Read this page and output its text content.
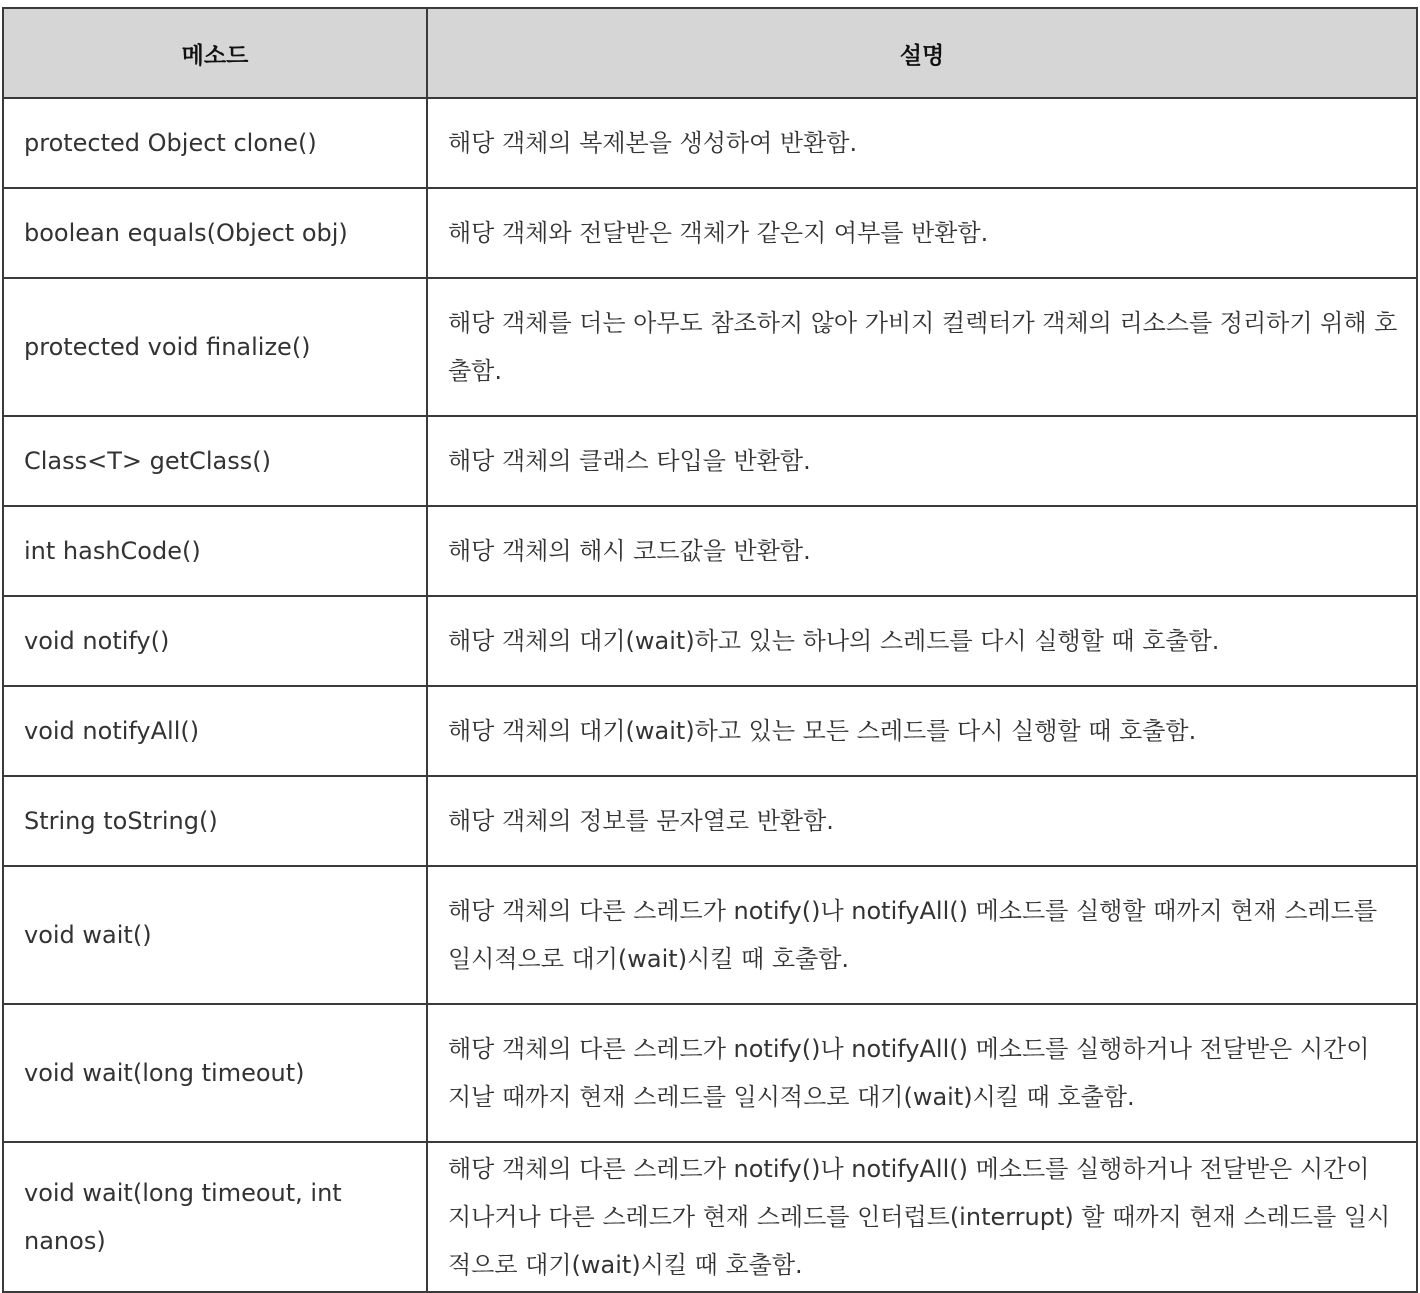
메소드	설명
protected Object clone()	해당 객체의 복제본을 생성하여 반환함.
boolean equals(Object obj)	해당 객체와 전달받은 객체가 같은지 여부를 반환함.
protected void finalize()	해당 객체를 더는 아무도 참조하지 않아 가비지 컬렉터가 객체의 리소스를 정리하기 위해 호출함.
Class<T> getClass()	해당 객체의 클래스 타입을 반환함.
int hashCode()	해당 객체의 해시 코드값을 반환함.
void notify()	해당 객체의 대기(wait)하고 있는 하나의 스레드를 다시 실행할 때 호출함.
void notifyAll()	해당 객체의 대기(wait)하고 있는 모든 스레드를 다시 실행할 때 호출함.
String toString()	해당 객체의 정보를 문자열로 반환함.
void wait()	해당 객체의 다른 스레드가 notify()나 notifyAll() 메소드를 실행할 때까지 현재 스레드를 일시적으로 대기(wait)시킬 때 호출함.
void wait(long timeout)	해당 객체의 다른 스레드가 notify()나 notifyAll() 메소드를 실행하거나 전달받은 시간이 지날 때까지 현재 스레드를 일시적으로 대기(wait)시킬 때 호출함.
void wait(long timeout, int nanos)	해당 객체의 다른 스레드가 notify()나 notifyAll() 메소드를 실행하거나 전달받은 시간이 지나거나 다른 스레드가 현재 스레드를 인터럽트(interrupt) 할 때까지 현재 스레드를 일시적으로 대기(wait)시킬 때 호출함.
